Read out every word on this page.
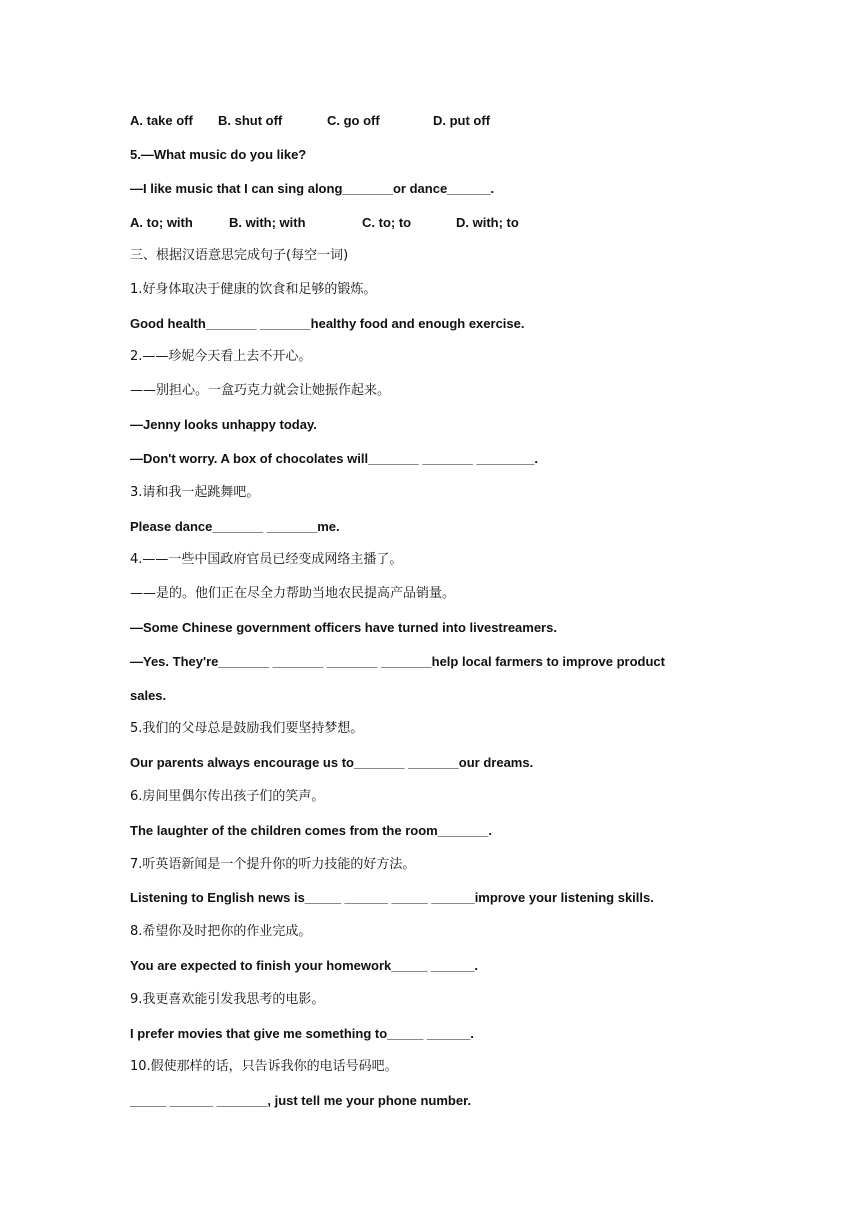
A. take off B. shut off	C. go off	D. put off
5.—What music do you like?
—I like music that I can sing along_______or dance______.
A. to; with	B. with; with	C. to; to	D. with; to
三、根据汉语意思完成句子(每空一词)
1.好身体取决于健康的饮食和足够的锻炼。
Good health_______ _______healthy food and enough exercise.
2.——珍妮今天看上去不开心。
——别担心。一盒巧克力就会让她振作起来。
—Jenny looks unhappy today.
—Don't worry. A box of chocolates will_______ _______ ________.
3.请和我一起跳舞吧。
Please dance_______ _______me.
4.——一些中国政府官员已经变成网络主播了。
——是的。他们正在尽全力帮助当地农民提高产品销量。
—Some Chinese government officers have turned into livestreamers.
—Yes. They're_______ _______ _______ _______help local farmers to improve product
sales.
5.我们的父母总是鼓励我们要坚持梦想。
Our parents always encourage us to_______ _______our dreams.
6.房间里偶尔传出孩子们的笑声。
The laughter of the children comes from the room_______.
7.听英语新闻是一个提升你的听力技能的好方法。
Listening to English news is_____ ______ _____ ______improve your listening skills.
8.希望你及时把你的作业完成。
You are expected to finish your homework_____ ______.
9.我更喜欢能引发我思考的电影。
I prefer movies that give me something to_____ ______.
10.假使那样的话，只告诉我你的电话号码吧。
_____ ______ _______, just tell me your phone number.
